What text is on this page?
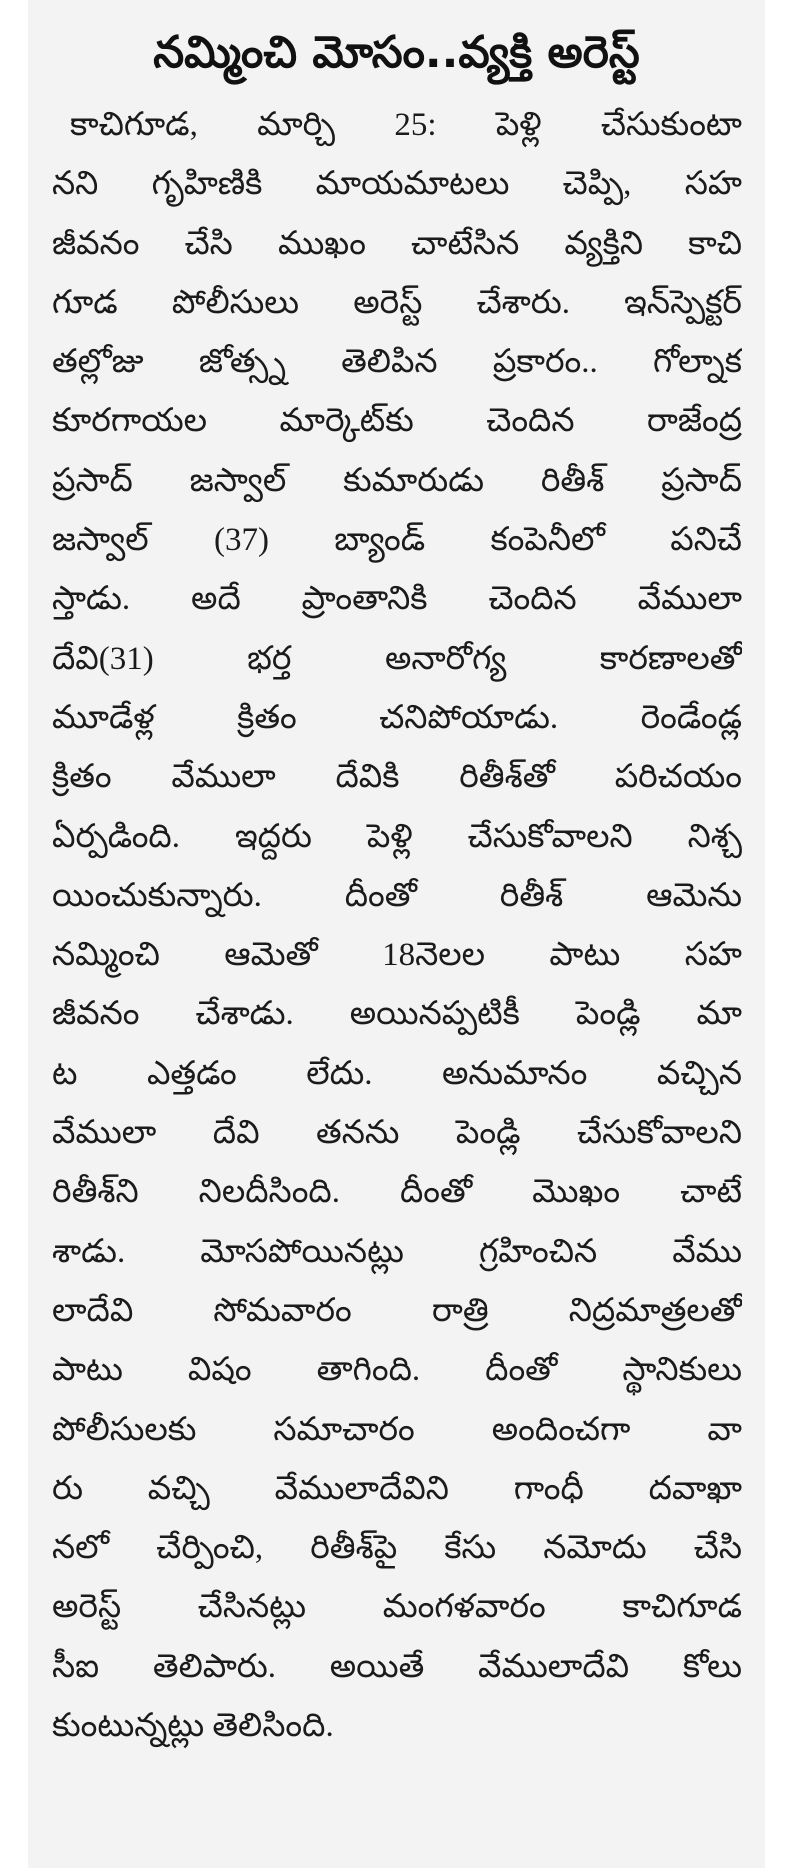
నమ్మించి మోసం..వ్యక్తి అరెస్ట్
కాచిగూడ, మార్చి 25: పెళ్లి చేసుకుంటా
నని గృహిణికి మాయమాటలు చెప్పి, సహ
జీవనం చేసి ముఖం చాటేసిన వ్యక్తిని కాచి
గూడ పోలీసులు అరెస్ట్ చేశారు. ఇన్‌స్పెక్టర్
తల్లోజు జోత్స్న తెలిపిన ప్రకారం.. గోల్నాక
కూరగాయల మార్కెట్‌కు చెందిన రాజేంద్ర
ప్రసాద్ జస్వాల్ కుమారుడు రితీశ్ ప్రసాద్
జస్వాల్ (37) బ్యాండ్ కంపెనీలో పనిచే
స్తాడు. అదే ప్రాంతానికి చెందిన వేములా
దేవి(31) భర్త అనారోగ్య కారణాలతో
మూడేళ్ల క్రితం చనిపోయాడు. రెండేండ్ల
క్రితం వేములా దేవికి రితీశ్‌తో పరిచయం
ఏర్పడింది. ఇద్దరు పెళ్లి చేసుకోవాలని నిశ్చ
యించుకున్నారు. దీంతో రితీశ్ ఆమెను
నమ్మించి ఆమెతో 18నెలల పాటు సహ
జీవనం చేశాడు. అయినప్పటికీ పెండ్లి మా
ట ఎత్తడం లేదు. అనుమానం వచ్చిన
వేములా దేవి తనను పెండ్లి చేసుకోవాలని
రితీశ్‌ని నిలదీసింది. దీంతో మొఖం చాటే
శాడు. మోసపోయినట్లు గ్రహించిన వేము
లాదేవి సోమవారం రాత్రి నిద్రమాత్రలతో
పాటు విషం తాగింది. దీంతో స్థానికులు
పోలీసులకు సమాచారం అందించగా వా
రు వచ్చి వేములాదేవిని గాంధీ దవాఖా
నలో చేర్పించి, రితీశ్‌పై కేసు నమోదు చేసి
అరెస్ట్ చేసినట్లు మంగళవారం కాచిగూడ
సీఐ తెలిపారు. అయితే వేములాదేవి కోలు
కుంటున్నట్లు తెలిసింది.
